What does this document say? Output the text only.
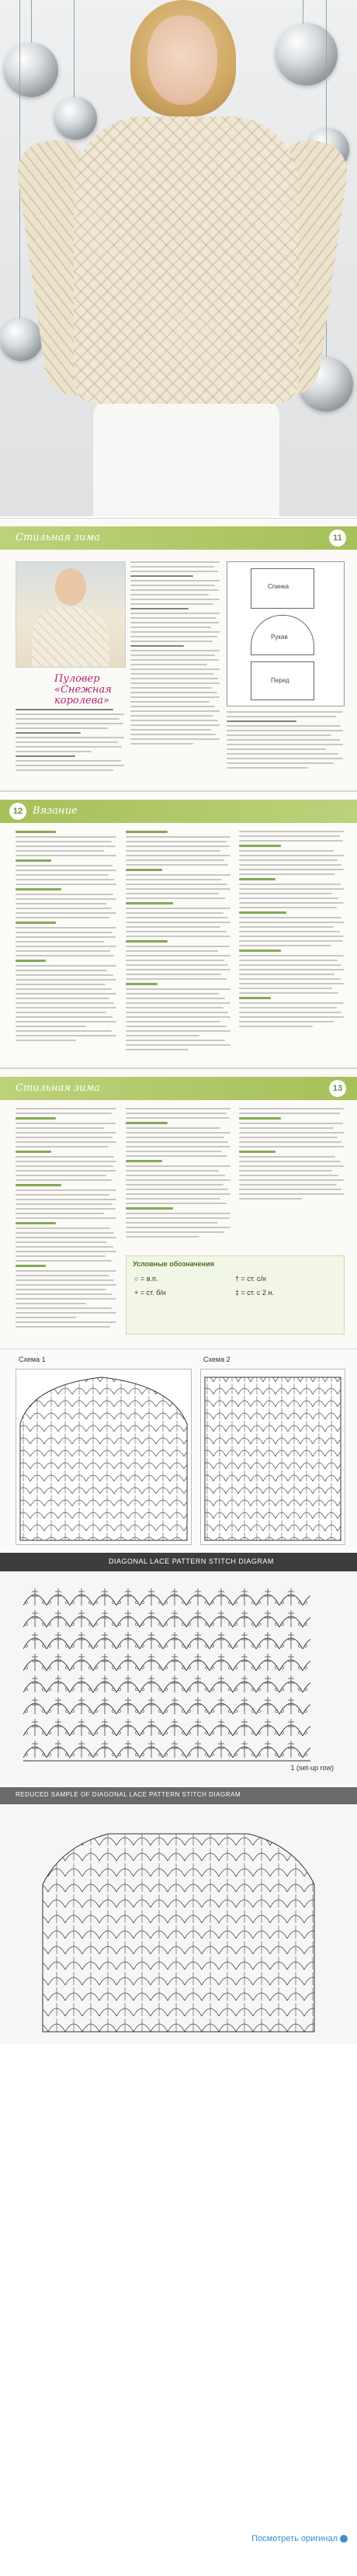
Стильная зима	11
Пуловер «Снежная королева»
Спинка
Рукав
Перед
12 Вязание
Стильная зима	13
Условные обозначения
○ = в.п.
+ = ст. б/н
† = ст. с/н
‡ = ст. с 2 н.
Схема 1	Схема 2
DIAGONAL LACE PATTERN STITCH DIAGRAM
1 (set-up row)
REDUCED SAMPLE OF DIAGONAL LACE PATTERN STITCH DIAGRAM
Посмотреть оригинал
